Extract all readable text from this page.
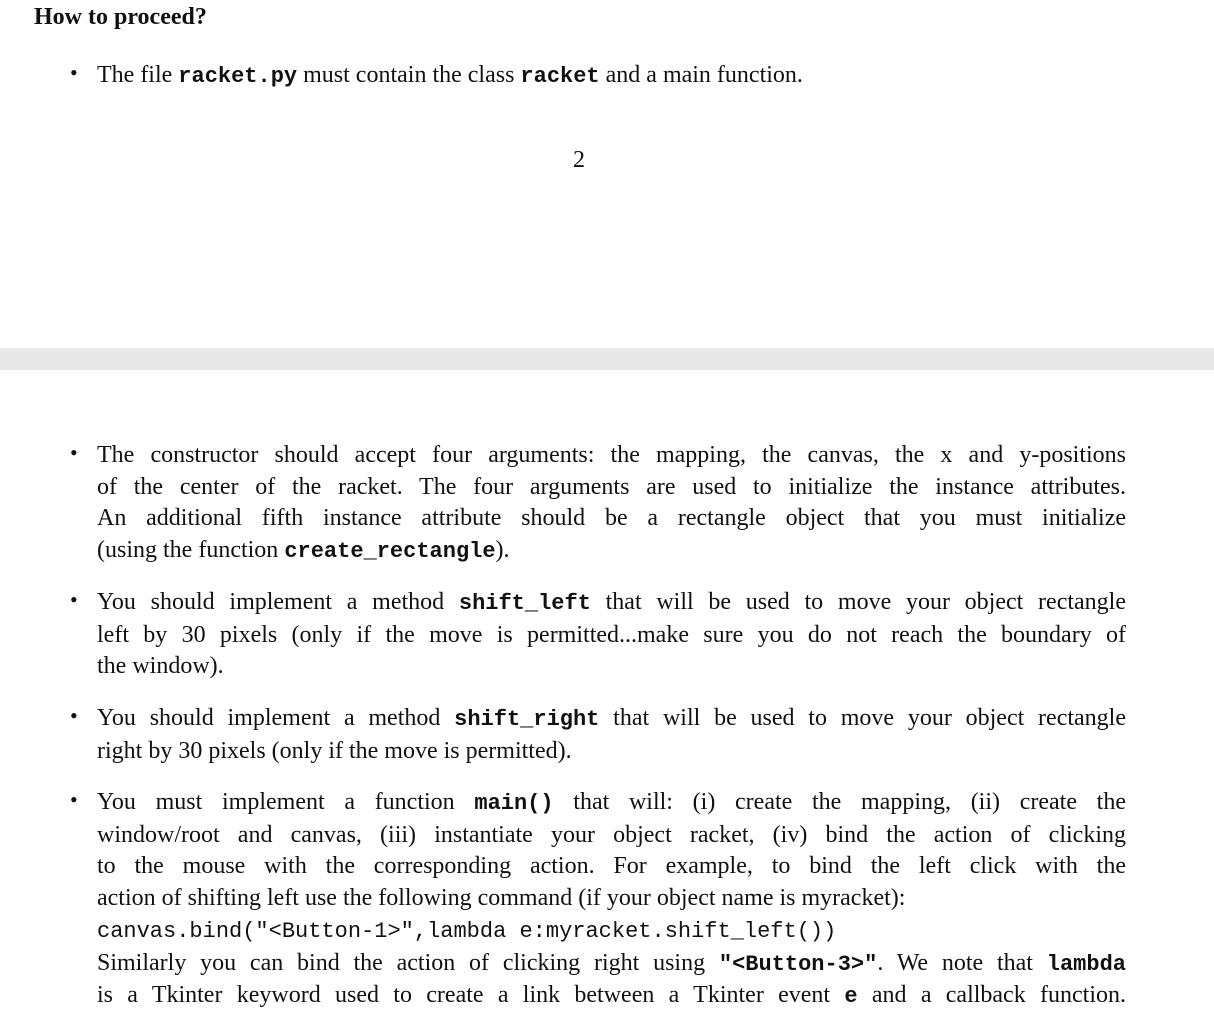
How to proceed?
• The file racket.py must contain the class racket and a main function.
2
• The constructor should accept four arguments: the mapping, the canvas, the x and y-positions
of the center of the racket. The four arguments are used to initialize the instance attributes.
An additional fifth instance attribute should be a rectangle object that you must initialize
(using the function create_rectangle).
• You should implement a method shift_left that will be used to move your object rectangle
left by 30 pixels (only if the move is permitted...make sure you do not reach the boundary of
the window).
• You should implement a method shift_right that will be used to move your object rectangle
right by 30 pixels (only if the move is permitted).
• You must implement a function main() that will: (i) create the mapping, (ii) create the
window/root and canvas, (iii) instantiate your object racket, (iv) bind the action of clicking
to the mouse with the corresponding action. For example, to bind the left click with the
action of shifting left use the following command (if your object name is myracket):
canvas.bind("<Button-1>",lambda e:myracket.shift_left())
Similarly you can bind the action of clicking right using "<Button-3>". We note that lambda
is a Tkinter keyword used to create a link between a Tkinter event e and a callback function.
